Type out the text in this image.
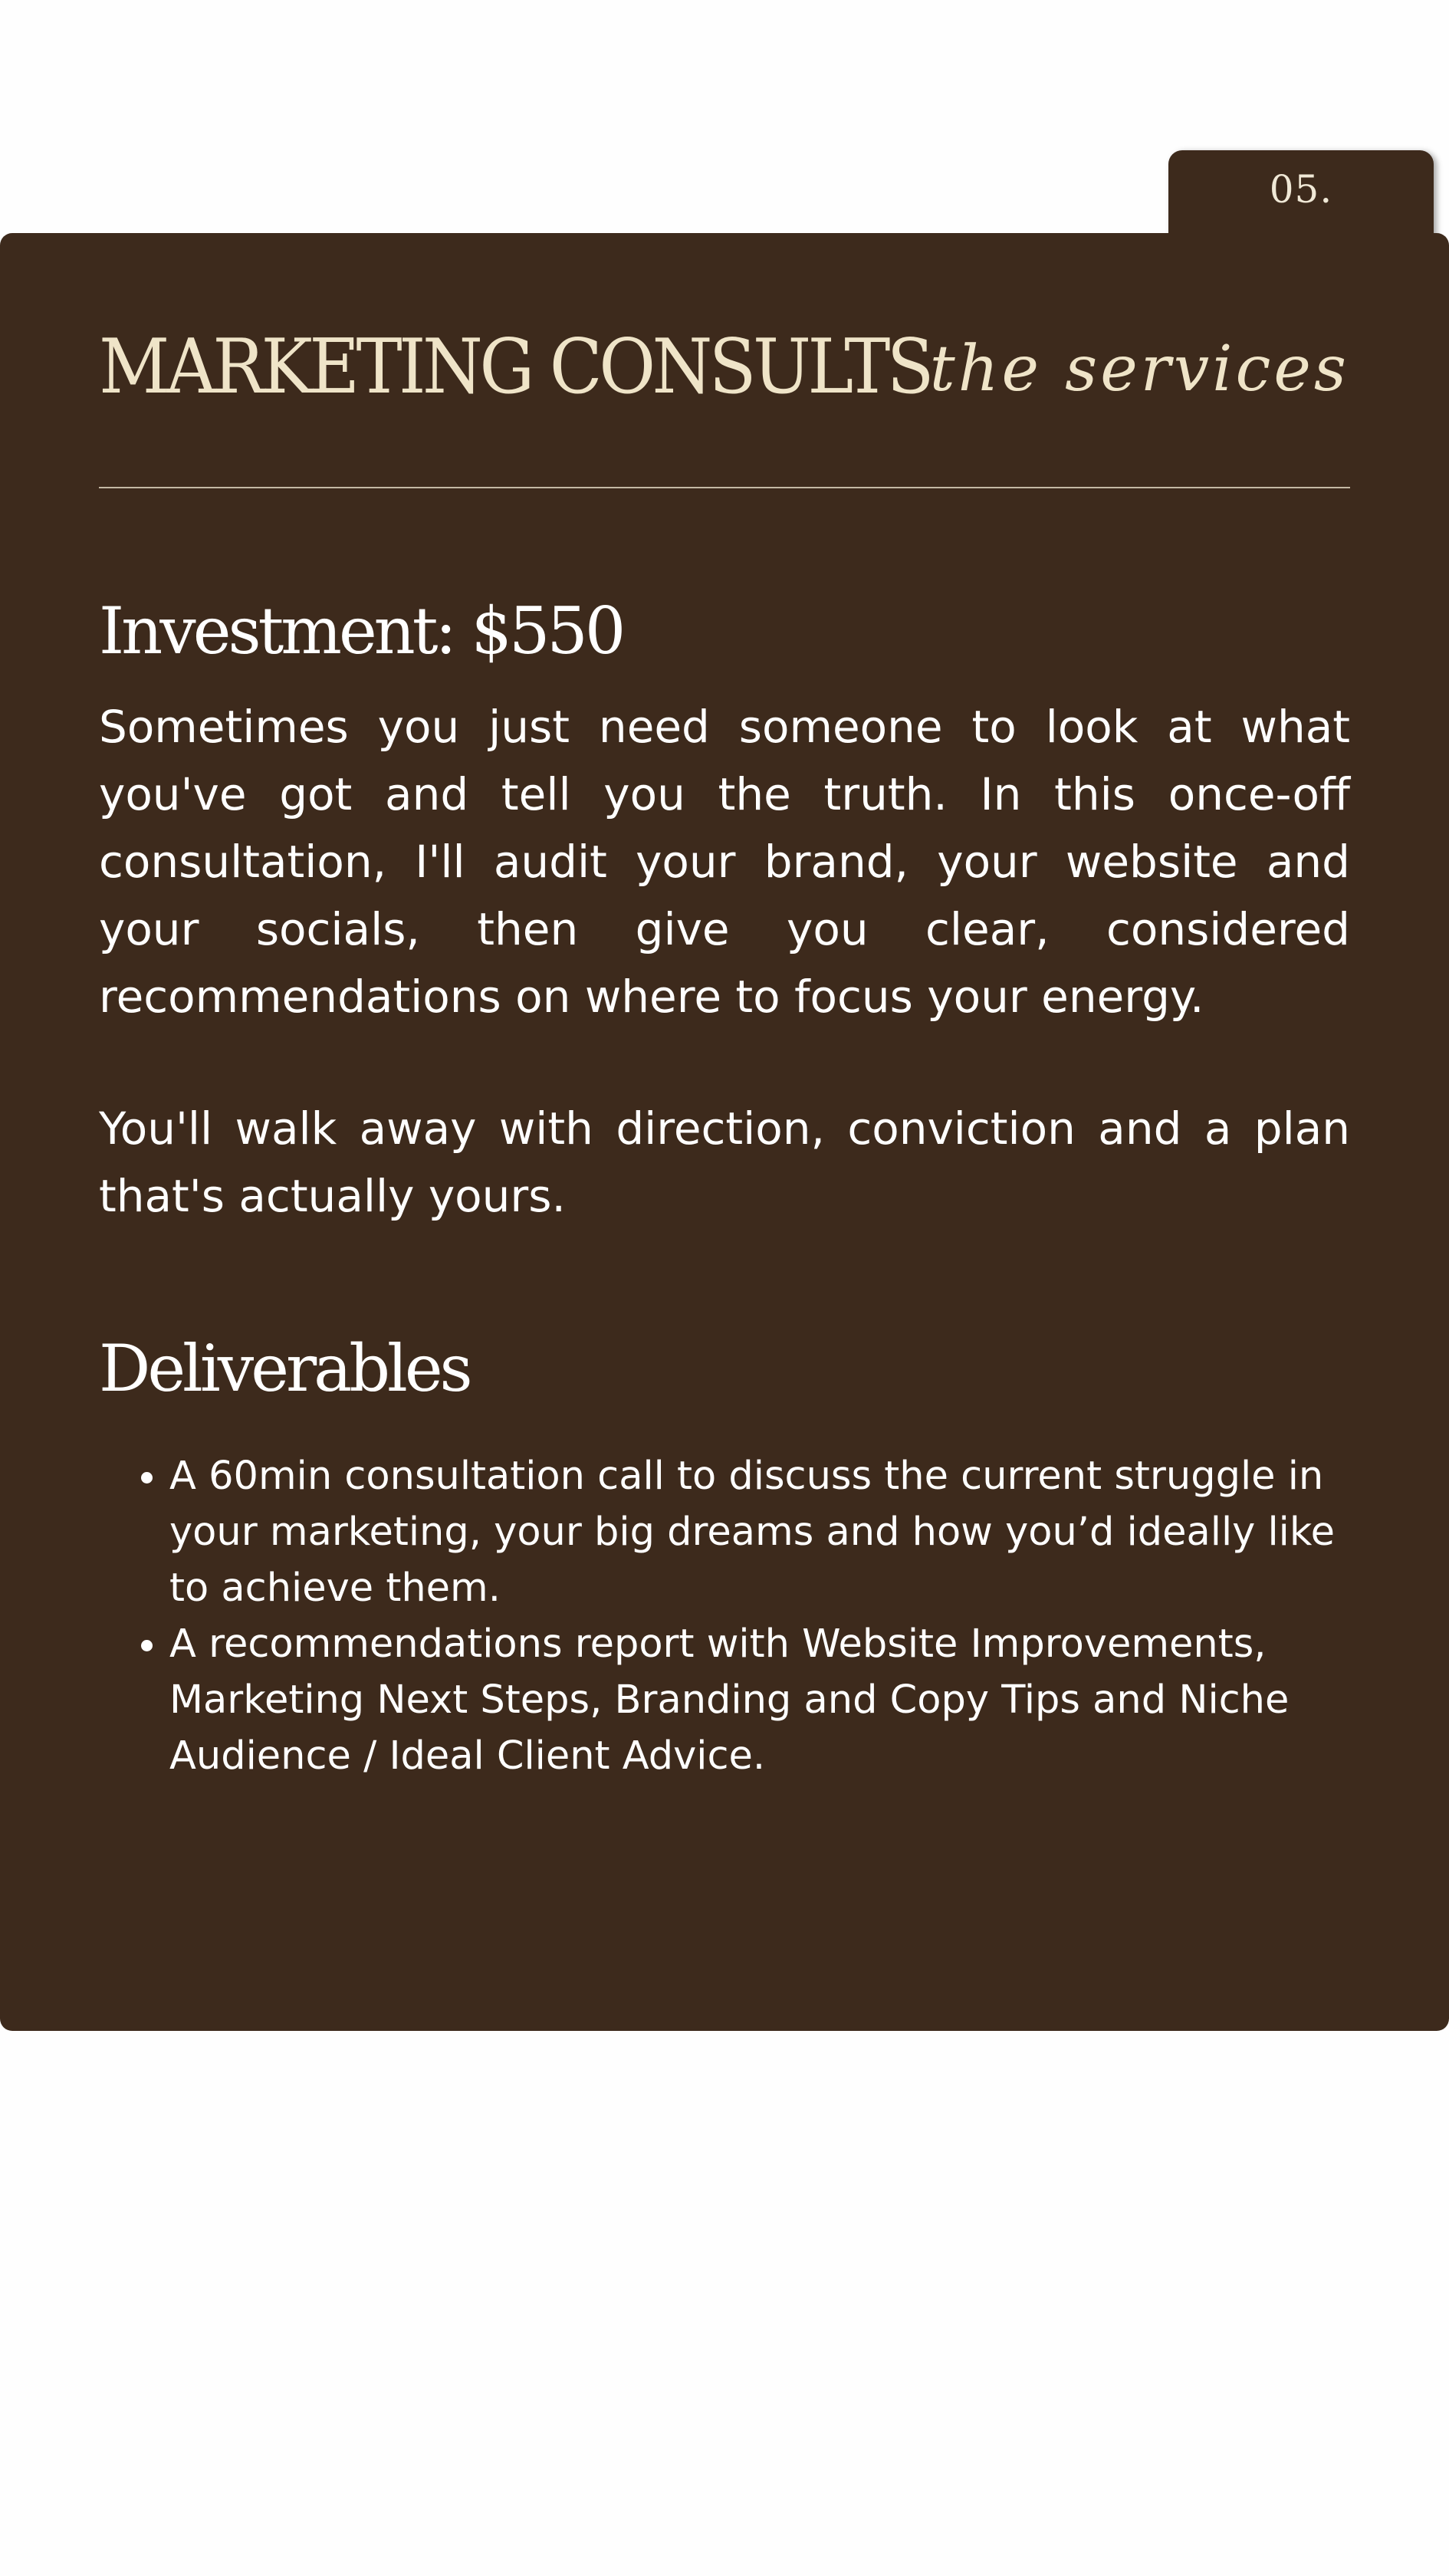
05.
MARKETING CONSULTS
the services
Investment: $550

Sometimes you just need someone to look at what you've got and tell you the truth. In this once-off consultation, I'll audit your brand, your website and your socials, then give you clear, considered recommendations on where to focus your energy.

You'll walk away with direction, conviction and a plan that's actually yours.

Deliverables
• A 60min consultation call to discuss the current struggle in your marketing, your big dreams and how you’d ideally like to achieve them.
• A recommendations report with Website Improvements, Marketing Next Steps, Branding and Copy Tips and Niche Audience / Ideal Client Advice.
